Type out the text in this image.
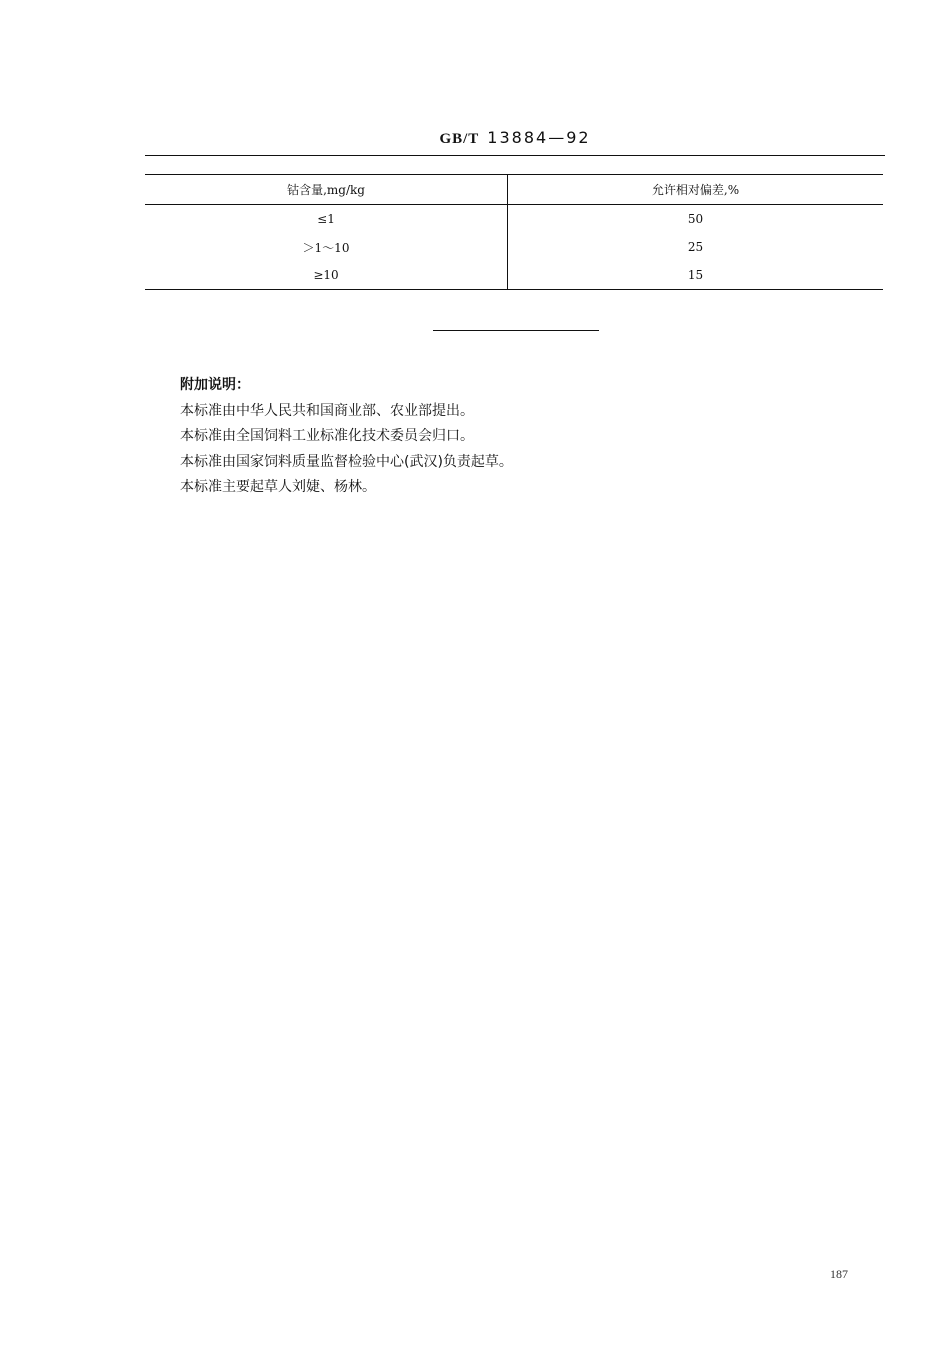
GB/T 13884—92
钴含量,mg/kg	允许相对偏差,%
≤1	50
＞1～10	25
≥10	15
附加说明：
本标准由中华人民共和国商业部、农业部提出。
本标准由全国饲料工业标准化技术委员会归口。
本标准由国家饲料质量监督检验中心(武汉)负责起草。
本标准主要起草人刘婕、杨林。
187
